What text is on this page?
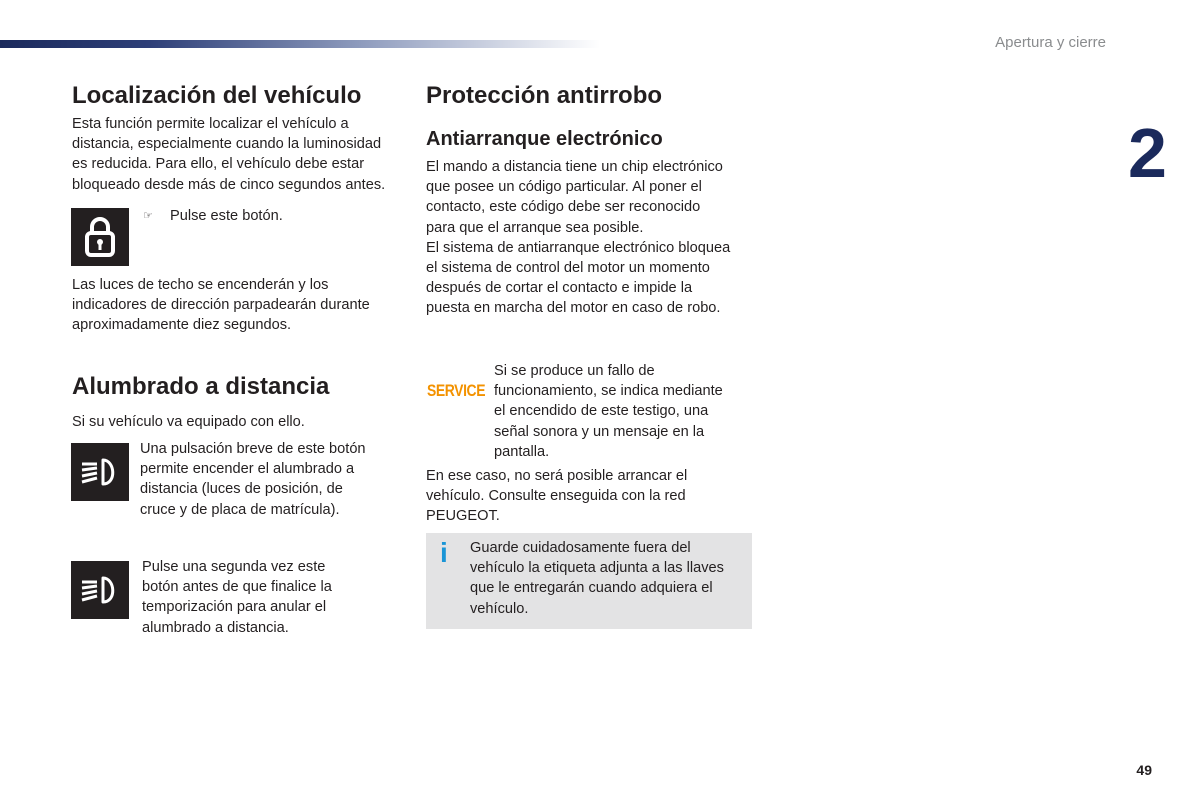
Apertura y cierre
2
49
Localización del vehículo

Esta función permite localizar el vehículo a
distancia, especialmente cuando la luminosidad
es reducida. Para ello, el vehículo debe estar
bloqueado desde más de cinco segundos antes.

☞ Pulse este botón.

Las luces de techo se encenderán y los
indicadores de dirección parpadearán durante
aproximadamente diez segundos.

Alumbrado a distancia

Si su vehículo va equipado con ello.

Una pulsación breve de este botón
permite encender el alumbrado a
distancia (luces de posición, de
cruce y de placa de matrícula).

Pulse una segunda vez este
botón antes de que finalice la
temporización para anular el
alumbrado a distancia.

Protección antirrobo
Antiarranque electrónico

El mando a distancia tiene un chip electrónico
que posee un código particular. Al poner el
contacto, este código debe ser reconocido
para que el arranque sea posible.
El sistema de antiarranque electrónico bloquea
el sistema de control del motor un momento
después de cortar el contacto e impide la
puesta en marcha del motor en caso de robo.

SERVICE

Si se produce un fallo de
funcionamiento, se indica mediante
el encendido de este testigo, una
señal sonora y un mensaje en la
pantalla.

En ese caso, no será posible arrancar el
vehículo. Consulte enseguida con la red
PEUGEOT.

i Guarde cuidadosamente fuera del
vehículo la etiqueta adjunta a las llaves
que le entregarán cuando adquiera el
vehículo.
